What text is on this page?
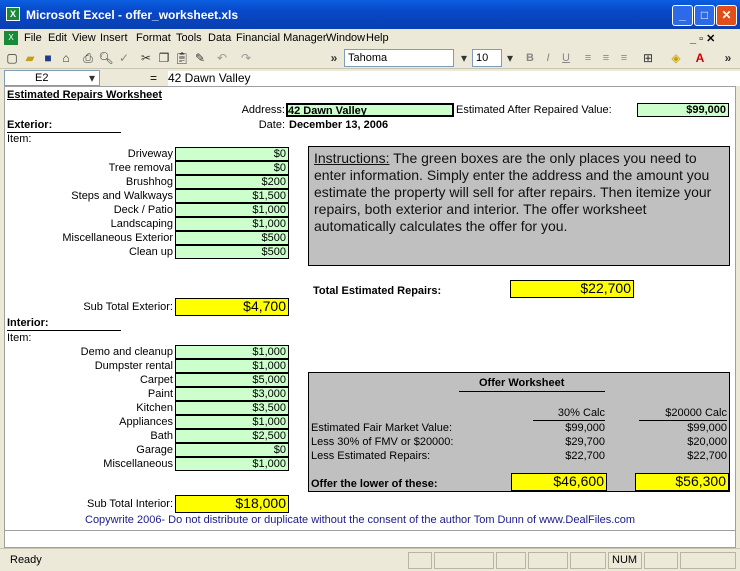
X Microsoft Excel - offer_worksheet.xls	_	□	✕
X File Edit View Insert Format Tools Data Financial Manager Window Help	_ ▫ ✕
▢ ▰ ■ ⌂	⎙ 🔍︎ ✓ ✂ ❐ 📋︎ ✎ ↶ ↷	» Tahoma	▾ 10	▾	B	I	U	≡	≡	≡	⊞ ◈	A	»
E2	▾	= 42 Dawn Valley
Estimated Repairs Worksheet
Address: 42 Dawn Valley	Estimated After Repaired Value:	$99,000
Exterior:	Date: December 13, 2006
Item:
Driveway	$0
Tree removal	$0
Brushhog	$200
Steps and Walkways	$1,500
Deck / Patio	$1,000
Landscaping	$1,000
Miscellaneous Exterior	$500
Clean up	$500
Instructions: The green boxes are the only places you need to enter information. Simply enter the address and the amount you estimate the property will sell for after repairs. Then itemize your repairs, both exterior and interior. The offer worksheet automatically calculates the offer for you.
Total Estimated Repairs:	$22,700
Sub Total Exterior:	$4,700
Interior:
Item:
Demo and cleanup	$1,000
Dumpster rental	$1,000
Carpet	$5,000
Paint	$3,000
Kitchen	$3,500
Appliances	$1,000
Bath	$2,500
Garage	$0
Miscellaneous	$1,000
Offer Worksheet
30% Calc	$20000 Calc
Estimated Fair Market Value:	$99,000	$99,000
Less 30% of FMV or $20000:	$29,700	$20,000
Less Estimated Repairs:	$22,700	$22,700
Offer the lower of these:	$46,600	$56,300
Sub Total Interior:	$18,000
Copywrite 2006- Do not distribute or duplicate without the consent of the author Tom Dunn of www.DealFiles.com
Ready	NUM
